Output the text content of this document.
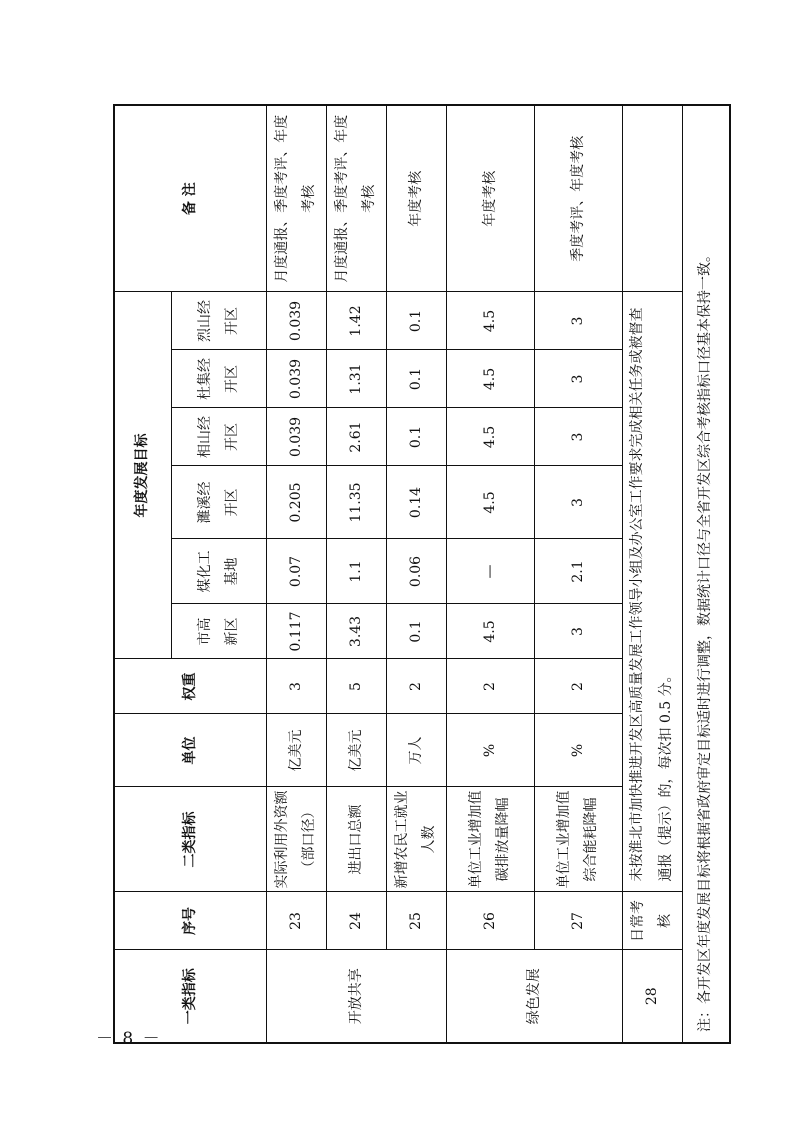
－ 8 －
一类指标	序号	二类指标	单位	权重	年度发展目标						备 注

					市高 新区	煤化工 基地	濉溪经 开区	相山经 开区	杜集经 开区	烈山经 开区	

开放共享	23	实际利用外资额（部口径）	亿美元	3	0.117	0.07	0.205	0.039	0.039	0.039	月度通报、季度考评、年度考核
	24	进出口总额	亿美元	5	3.43	1.1	11.35	2.61	1.31	1.42	月度通报、季度考评、年度考核
	25	新增农民工就业人数	万人	2	0.1	0.06	0.14	0.1	0.1	0.1	年度考核
绿色发展	26	单位工业增加值碳排放量降幅	%	2	4.5	—	4.5	4.5	4.5	4.5	年度考核
	27	单位工业增加值综合能耗降幅	%	2	3	2.1	3	3	3	3	季度考评、年度考核
28	日常考核	未按淮北市加快推进开发区高质量发展工作领导小组及办公室工作要求完成相关任务或被督查通报（提示）的，每次扣 0.5 分。									
注：各开发区年度发展目标将根据省政府审定目标适时进行调整，数据统计口径与全省开发区综合考核指标口径基本保持一致。											
